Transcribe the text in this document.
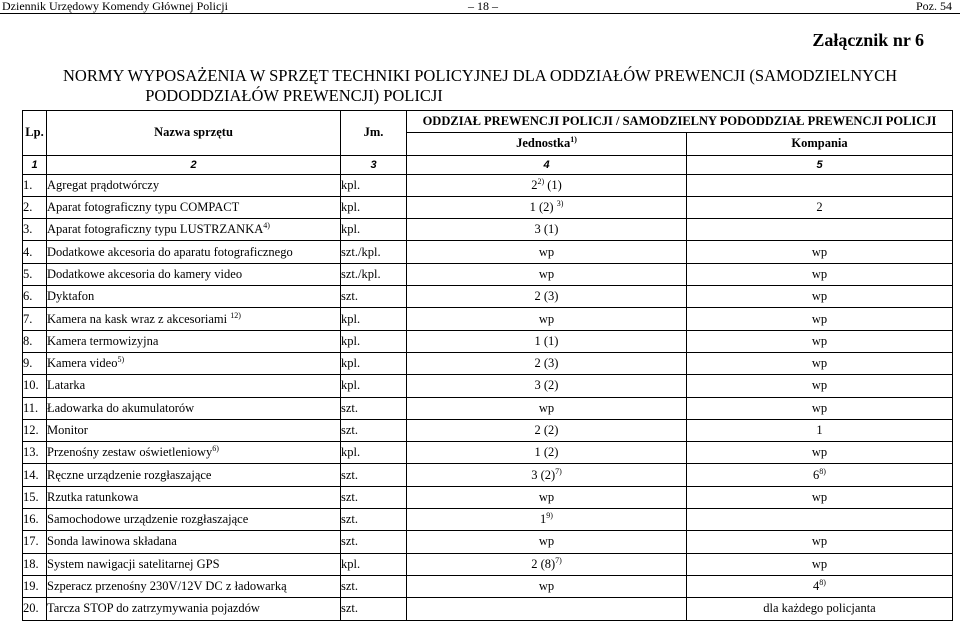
Dziennik Urzędowy Komendy Głównej Policji	– 18 –	Poz. 54
Załącznik nr 6
NORMY WYPOSAŻENIA W SPRZĘT TECHNIKI POLICYJNEJ DLA ODDZIAŁÓW PREWENCJI (SAMODZIELNYCH
PODODDZIAŁÓW PREWENCJI) POLICJI
Lp.	Nazwa sprzętu	Jm.	ODDZIAŁ PREWENCJI POLICJI / SAMODZIELNY PODODDZIAŁ PREWENCJI POLICJI	
			Jednostka$^{1)}$	Kompania
1	2	3	4	5
1.	Agregat prądotwórczy	kpl.	2$^{2)}$ (1)	
2.	Aparat fotograficzny typu COMPACT	kpl.	1 (2) $^{3)}$	2
3.	Aparat fotograficzny typu LUSTRZANKA$^{4)}$	kpl.	3 (1)	
4.	Dodatkowe akcesoria do aparatu fotograficznego	szt./kpl.	wp	wp
5.	Dodatkowe akcesoria do kamery video	szt./kpl.	wp	wp
6.	Dyktafon	szt.	2 (3)	wp
7.	Kamera na kask wraz z akcesoriami $^{12)}$	kpl.	wp	wp
8.	Kamera termowizyjna	kpl.	1 (1)	wp
9.	Kamera video$^{5)}$	kpl.	2 (3)	wp
10.	Latarka	kpl.	3 (2)	wp
11.	Ładowarka do akumulatorów	szt.	wp	wp
12.	Monitor	szt.	2 (2)	1
13.	Przenośny zestaw oświetleniowy$^{6)}$	kpl.	1 (2)	wp
14.	Ręczne urządzenie rozgłaszające	szt.	3 $(2)^{7)}$	6$^{8)}$
15.	Rzutka ratunkowa	szt.	wp	wp
16.	Samochodowe urządzenie rozgłaszające	szt.	1$^{9)}$	
17.	Sonda lawinowa składana	szt.	wp	wp
18.	System nawigacji satelitarnej GPS	kpl.	2 $(8)^{7)}$	wp
19.	Szperacz przenośny 230V/12V DC z ładowarką	szt.	wp	4$^{8)}$
20.	Tarcza STOP do zatrzymywania pojazdów	szt.		dla każdego policjanta
